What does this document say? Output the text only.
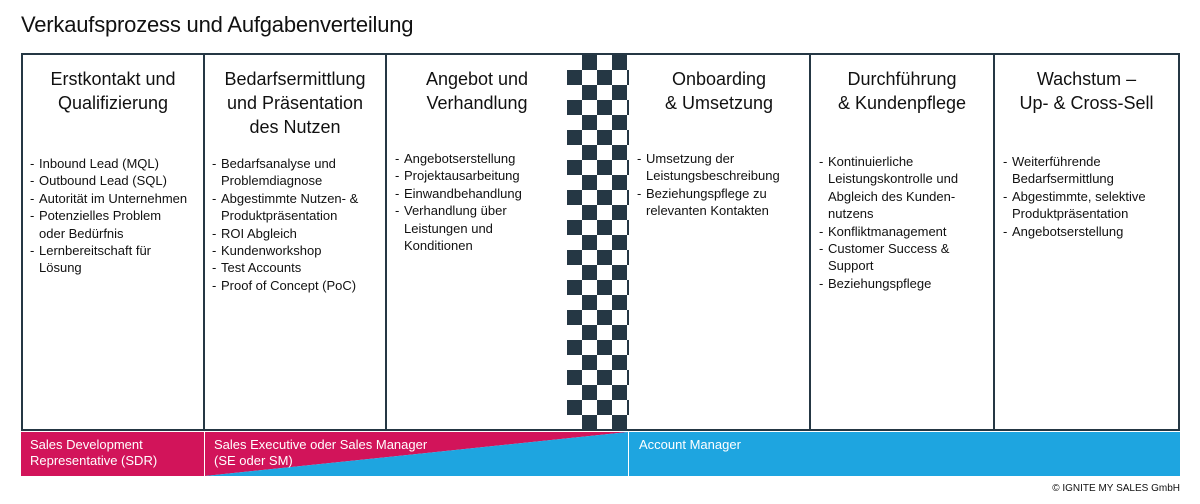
Verkaufsprozess und Aufgabenverteilung
Erstkontakt und
Qualifizierung
- Inbound Lead (MQL)
- Outbound Lead (SQL)
- Autorität im Unternehmen
- Potenzielles Problem oder Bedürfnis
- Lernbereitschaft für Lösung
Bedarfsermittlung
und Präsentation
des Nutzen
- Bedarfsanalyse und Problemdiagnose
- Abgestimmte Nutzen- & Produktpräsentation
- ROI Abgleich
- Kundenworkshop
- Test Accounts
- Proof of Concept (PoC)
Angebot und
Verhandlung
- Angebotserstellung
- Projektausarbeitung
- Einwandbehandlung
- Verhandlung über Leistungen und Konditionen
Onboarding
& Umsetzung
- Umsetzung der Leistungsbeschreibung
- Beziehungspflege zu relevanten Kontakten
Durchführung
& Kundenpflege
- Kontinuierliche Leistungskontrolle und Abgleich des Kunden- nutzens
- Konfliktmanagement
- Customer Success & Support
- Beziehungspflege
Wachstum –
Up- & Cross-Sell
- Weiterführende Bedarfsermittlung
- Abgestimmte, selektive Produktpräsentation
- Angebotserstellung
Sales Development
Representative (SDR)
Sales Executive oder Sales Manager
(SE oder SM)
Account Manager
© IGNITE MY SALES GmbH
